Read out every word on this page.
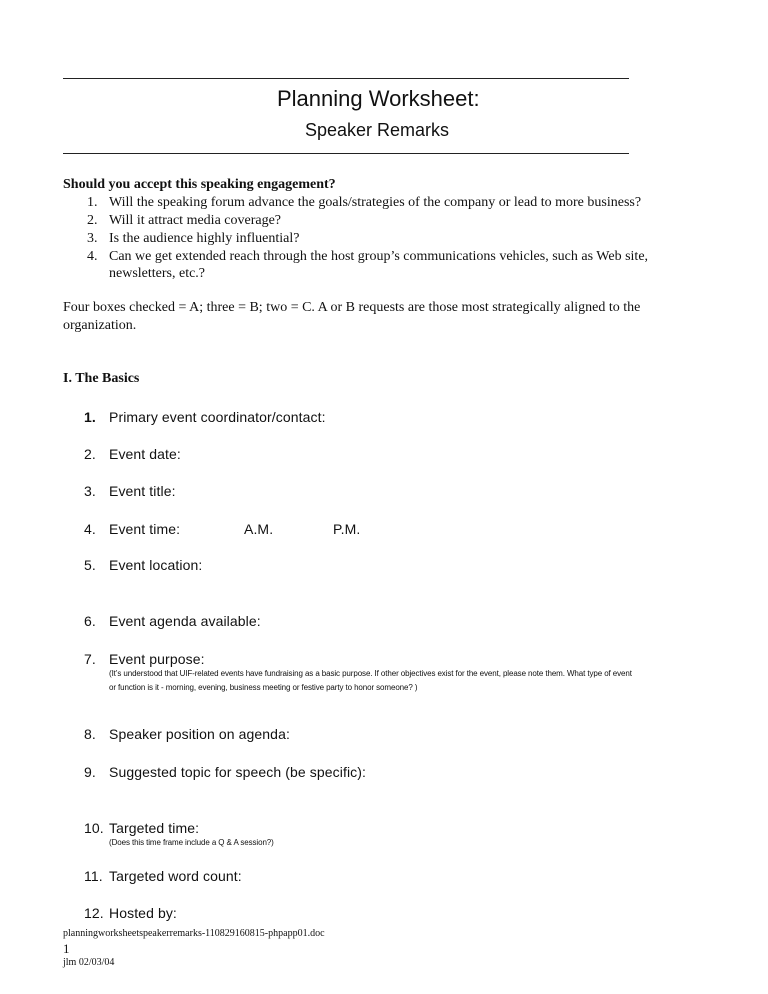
Planning Worksheet:
Speaker Remarks
Should you accept this speaking engagement?
1. Will the speaking forum advance the goals/strategies of the company or lead to more business?
2. Will it attract media coverage?
3. Is the audience highly influential?
4. Can we get extended reach through the host group’s communications vehicles, such as Web site,
newsletters, etc.?
Four boxes checked = A; three = B; two = C. A or B requests are those most strategically aligned to the
organization.
I. The Basics
1. Primary event coordinator/contact:
2. Event date:
3. Event title:
4. Event time:	A.M.	P.M.
5. Event location:
6. Event agenda available:
7. Event purpose:
(It’s understood that UIF-related events have fundraising as a basic purpose. If other objectives exist for the event, please note them. What type of event
or function is it - morning, evening, business meeting or festive party to honor someone? )
8. Speaker position on agenda:
9. Suggested topic for speech (be specific):
10. Targeted time:
(Does this time frame include a Q & A session?)
11. Targeted word count:
12. Hosted by:
planningworksheetspeakerremarks-110829160815-phpapp01.doc
1
jlm 02/03/04
